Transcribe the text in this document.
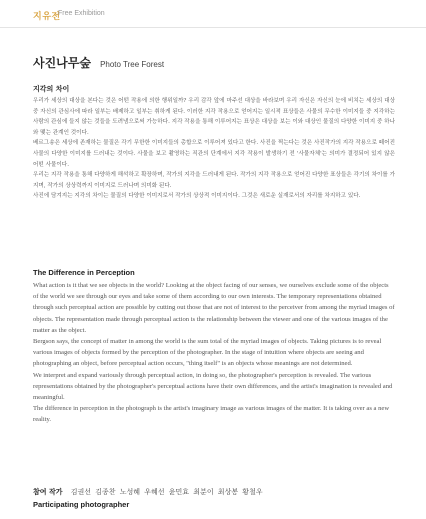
지유전
Free Exhibition
사진나무숲 Photo Tree Forest
지각의 차이

우리가 세상의 대상을 본다는 것은 어떤 작용에 의한 행위일까? 우리 감각 앞에 마주선 대상을 바라보며 우리 자신은 자신의 눈에 비치는 세상의 대상 중 자신의 관심사에 따라 일부는 배제하고 일부는 취하게 된다. 이러한 지각 작용으로 얻어지는 일시적 표상들은 사물의 무수한 이미지들 중 지각하는 사람의 관심에 들지 않는 것들을 도려냄으로써 가능하다. 지각 작용을 통해 이루어지는 표상은 대상을 보는 이와 대상인 물질의 다양한 이미지 중 하나와 맺는 관계인 것이다.

베르그송은 세상에 존재하는 물질은 각기 무한한 이미지들의 총합으로 이루어져 있다고 한다. 사진을 찍는다는 것은 사진작가의 지각 작용으로 떼어진 사물의 다양한 이미지를 드러내는 것이다. 사물을 보고 촬영하는 직관의 단계에서 지각 작용이 발생하기 전 '사물자체'는 의미가 결정되어 있지 않은 어떤 사물이다.

우리는 지각 작용을 통해 다양하게 해석하고 확장하며, 작가의 지각을 드러내게 된다. 작가의 지각 작용으로 얻어진 다양한 표상들은 각기의 차이를 가지며, 작가의 상상력까지 이미지로 드러나며 의미화 된다.

사진에 담겨지는 지각의 차이는 물질의 다양한 이미지로서 작가의 상상적 이미지이다. 그것은 새로운 실재로서의 자리를 차지하고 있다.

The Difference in Perception

What action is it that we see objects in the world? Looking at the object facing of our senses, we ourselves exclude some of the objects of the world we see through our eyes and take some of them according to our own interests. The temporary representations obtained through such perceptual action are possible by cutting out those that are not of interest to the perceiver from among the myriad images of objects. The representation made through perceptual action is the relationship between the viewer and one of the various images of the matter as the object.

Bergson says, the concept of matter in among the world is the sum total of the myriad images of objects. Taking pictures is to reveal various images of objects formed by the perception of the photographer. In the stage of intuition where objects are seeing and photographing an object, before perceptual action occurs, "thing itself" is an objects whose meanings are not determined.

We interpret and expand variously through perceptual action, in doing so, the photographer's perception is revealed. The various representations obtained by the photographer's perceptual actions have their own differences, and the artist's imagination is revealed and meaningful.

The difference in perception in the photograph is the artist's imaginary image as various images of the matter. It is taking over as a new reality.

참여 작가 김권선 김종찬 노성혜 우혜선 윤민효 최분이 최상봉 황철우
Participating photographer
